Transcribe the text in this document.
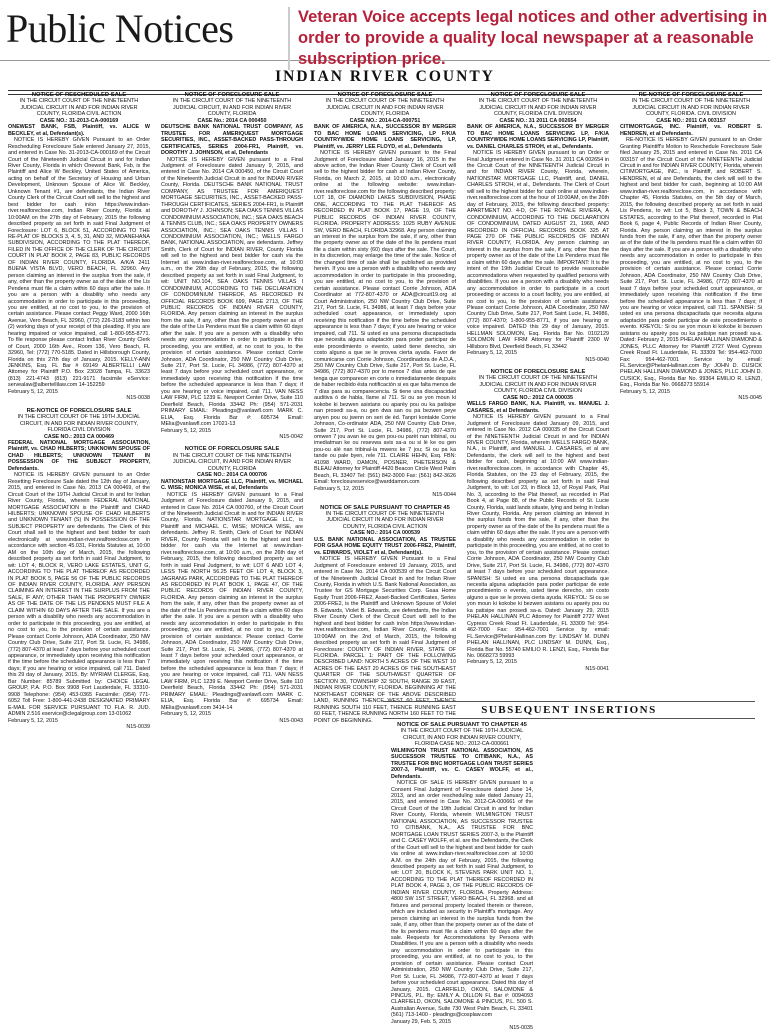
Public Notices	Veteran Voice accepts legal notices and other advertising in order to provide a quality local newspaper at a reasonable subscription price.
INDIAN RIVER COUNTY

NOTICE OF RESCHEDULED SALE

IN THE CIRCUIT COURT OF THE NINETEENTH JUDICIAL CIRCUIT IN AND FOR INDIAN RIVER COUNTY, FLORIDA CIVIL ACTION

CASE NO.: 31-2013-CA-000169

ONEWEST BANK, FSB, Plaintiff, vs. ALICE W BECKLEY, et al, Defendant(s).

NOTICE IS HEREBY GIVEN Pursuant to an Order Rescheduling Foreclosure Sale entered January 27, 2015, and entered in Case No. 31-2013-CA-000169 of the Circuit Court of the Nineteenth Judicial Circuit in and for Indian River County, Florida in which Onewest Bank, Fsb, is the Plaintiff and Alice W Beckley, United States of America, acting on behalf of the Secretary of Housing and Urban Development, Unknown Spouse of Alice W. Beckley, Unknown Tenant #1, are defendants, the Indian River County Clerk of the Circuit Court will sell to the highest and best bidder for cash in/on https://www.indian-river.realforeclose.com, Indian River County, Florida at 10:00AM on the 27th day of February, 2015 the following described property as set forth in said Final Judgment of Foreclosure: LOT 6, BLOCK 51, ACCORDING TO THE RE-PLAT OF BLOCKS 3, 4, 5, 31, AND 32, MOANEHANA SUBDIVISION, ACCORDING TO THE PLAT THEREOF, FILED IN THE OFFICE OF THE CLERK OF THE CIRCUIT COURT IN PLAT BOOK 2, PAGE 83, PUBLIC RECORDS OF INDIAN RIVER COUNTY, FLORIDA. A/K/A 2411 BUENA VISTA BLVD, VERO BEACH, FL 32960. Any person claiming an interest in the surplus from the sale, if any, other than the property owner as of the date of the Lis Pendens must file a claim within 60 days after the sale. If you are a person with a disability who needs any accommodation in order to participate in this proceeding, you are entitled, at no cost to you, to the provision of certain assistance. Please contact Peggy Ward, 2000 16th Avenue, Vero Beach, FL 32960, (772) 226-3183 within two (2) working days of your receipt of this pleading. If you are hearing impaired or voice impaired, call 1-800-955-8771. To file response please contact Indian River County Clerk of Court, 2000 16th Ave., Room 136, Vero Beach, FL 32960, Tel: (772) 770-5185. Dated in Hillsborough County, Florida on this 27th day of January, 2015. KELLY-ANN JENKINS, Esq. FL Bar # 69149 ALBERTELLI LAW Attorney for Plaintiff P.O. Box 23028 Tampa, FL 33623 (813) 221-4743 (813) 221-9171 facsimile eService: servealaw@albertellilaw.com 14-152259

February 5, 12, 2015

N15-0038

RE-NOTICE OF FORECLOSURE SALE

IN THE CIRCUIT COURT OF THE 19TH JUDICIAL CIRCUIT, IN AND FOR INDIAN RIVER COUNTY, FLORIDA CIVIL DIVISION

CASE NO.: 2013 CA 000469

FEDERAL NATIONAL MORTGAGE ASSOCIATION, Plaintiff, vs. CHAD HILBERTS; UNKNOWN SPOUSE OF CHAD HILBERTS; UNKNOWN TENANT IN POSSESSION OF THE SUBJECT PROPERTY, Defendants.

NOTICE IS HEREBY GIVEN pursuant to an Order Resetting Foreclosure Sale dated the 12th day of January, 2015, and entered in Case No. 2013 CA 000469, of the Circuit Court of the 19TH Judicial Circuit in and for Indian River County, Florida, wherein FEDERAL NATIONAL MORTGAGE ASSOCIATION is the Plaintiff and CHAD HILBERTS; UNKNOWN SPOUSE OF CHAD HILBERTS and UNKNOWN TENANT (S) IN POSSESSION OF THE SUBJECT PROPERTY are defendants. The Clerk of this Court shall sell to the highest and best bidder for cash electronically at www.indian-river.realforeclose.com in accordance with section 45.031, Florida Statutes at, 10:00 AM on the 10th day of March, 2015, the following described property as set forth in said Final Judgment, to wit: LOT 4, BLOCK R, VERO LAKE ESTATES, UNIT G, ACCORDING TO THE PLAT THEREOF AS RECORDED IN PLAT BOOK 5, PAGE 56 OF THE PUBLIC RECORDS OF INDIAN RIVER COUNTY, FLORIDA. ANY PERSON CLAIMING AN INTEREST IN THE SURPLUS FROM THE SALE, IF ANY, OTHER THAN THE PROPERTY OWNER AS OF THE DATE OF THE LIS PENDENS MUST FILE A CLAIM WITHIN 60 DAYS AFTER THE SALE. If you are a person with a disability who needs any accommodation in order to participate in this proceeding, you are entitled, at no cost to you, to the provision of certain assistance. Please contact Corrie Johnson, ADA Coordinator, 250 NW Country Club Drive, Suite 217, Port St. Lucie, FL 34986, (772) 807-4370 at least 7 days before your scheduled court appearance, or immediately upon receiving this notification if the time before the scheduled appearance is less than 7 days; if you are hearing or voice impaired, call 711. Dated this 29 day of January, 2015. By: MYRIAM CLERGE, Esq. Bar Number: 85789 Submitted by: CHOICE LEGAL GROUP, P.A. P.O. Box 9908 Fort Lauderdale, FL 33310-9908 Telephone: (954) 453-0365 Facsimile: (954) 771-6052 Toll Free: 1-800-441-2438 DESIGNATED PRIMARY E-MAIL FOR SERVICE PURSUANT TO FLA. R. JUD. ADMIN 2.516 eservice@clegalgroup.com 13-01062

February 5, 12, 2015

N15-0039

NOTICE OF FORECLOSURE SALE

IN THE CIRCUIT COURT OF THE NINETEENTH JUDICIAL CIRCUIT, IN AND FOR INDIAN RIVER COUNTY, FLORIDA

CASE No.: 2014 CA 000450

DEUTSCHE BANK NATIONAL TRUST COMPANY, AS TRUSTEE FOR AMERIQUEST MORTGAGE SECURITIES, INC., ASSET-BACKED PASS-THROUGH CERTIFICATES, SERIES 2004-FR1, Plaintiff, vs. DOROTHY J. JOHNSON, et al, Defendants

NOTICE IS HEREBY GIVEN pursuant to a Final Judgment of Foreclosure dated January 9, 2015, and entered in Case No. 2014 CA 000450, of the Circuit Court of the Nineteenth Judicial Circuit in and for INDIAN RIVER County, Florida. DEUTSCHE BANK NATIONAL TRUST COMPANY, AS TRUSTEE FOR AMERIQUEST MORTGAGE SECURITIES, INC., ASSET-BACKED PASS-THROUGH CERTIFICATES, SERIES 2004-FR1, is Plaintiff and DOROTHY J. JOHNSON; SEA OAKS TENNIS VILLAS CONDOMINIUM ASSOCIATION, INC.; SEA OAKS BEACH & TENNIS CLUB, INC.; SEA OAKS PROPERTY OWNERS ASSOCIATION, INC.; SEA OAKS TENNIS VILLAS I CONDOMINIUM ASSOCIATION, INC.; WELLS FARGO BANK, NATIONAL ASSOCIATION, are defendants. Jeffrey Smith, Clerk of Court for INDIAN RIVER, County Florida will sell to the highest and best bidder for cash via the Internet at www.indian-river.realforeclose.com, at 10:00 a.m., on the 26th day of February, 2015, the following described property as set forth in said Final Judgment, to wit: UNIT NO.104, SEA OAKS TENNIS VILLAS I CONDOMINIUM, ACCORDING TO THE DECLARATION OF CONDOMINIUM THEREOF, AS RECORDED IN OFFICIAL RECORDS BOOK 699, PAGE 2713, OF THE PUBLIC RECORDS OF INDIAN RIVER COUNTY, FLORIDA. Any person claiming an interest in the surplus from the sale, if any, other than the property owner as of the date of the Lis Pendens must file a claim within 60 days after the sale. If you are a person with a disability who needs any accommodation in order to participate in this proceeding, you are entitled, at no cost to you, to the provision of certain assistance. Please contact Corrie Johnson, ADA Coordinator, 250 NW Country Club Drive, Suite 217, Port St. Lucie, FL 34986, (772) 807-4370 at least 7 days before your scheduled court appearance, or immediately upon receiving this notification if the time before the scheduled appearance is less than 7 days; if you are hearing or voice impaired, call 711. VAN NESS LAW FIRM, PLC 1239 E. Newport Center Drive, Suite 110 Deerfield Beach, Florida 33442 Ph: (954) 571-2031 PRIMARY EMAIL: Pleadings@vanlawfl.com MARK C. ELIA, Esq. Florida Bar #: 695734 Email: MElia@vanlawfl.com 17021-13

February 5, 12, 2015

N15-0042

NOTICE OF FORECLOSURE SALE

IN THE CIRCUIT COURT OF THE NINETEENTH JUDICIAL CIRCUIT, IN AND FOR INDIAN RIVER COUNTY, FLORIDA

CASE NO.: 2014 CA 000706

NATIONSTAR MORTGAGE LLC, Plaintiff, vs. MICHAEL C. WISE; MONICA WISE, et al, Defendants

NOTICE IS HEREBY GIVEN pursuant to a Final Judgment of Foreclosure dated January 9, 2015, and entered in Case No. 2014 CA 000760, of the Circuit Court of the Nineteenth Judicial Circuit in and for INDIAN RIVER County, Florida. NATIONSTAR MORTGAGE LLC, is Plaintiff and MICHAEL C. WISE; MONICA WISE, are defendants. Jeffrey R. Smith, Clerk of Court for INDIAN RIVER, County Florida will sell to the highest and best bidder for cash via the Internet at www.indian-river.realforeclose.com, at 10:00 a.m., on the 26th day of February, 2015, the following described property as set forth in said Final Judgment, to wit: LOT 6 AND LOT 4, LESS THE NORTH 56.25 FEET OF LOT 4, BLOCK 3, JAGRANG PARK, ACCORDING TO THE PLAT THEREOF AS RECORDED IN PLAT BOOK 1, PAGE 47, OF THE PUBLIC RECORDS OF INDIAN RIVER COUNTY, FLORIDA. Any person claiming an interest in the surplus from the sale, if any, other than the property owner as of the date of the Lis Pendens must file a claim within 60 days after the sale. If you are a person with a disability who needs any accommodation in order to participate in this proceeding, you are entitled, at no cost to you, to the provision of certain assistance. Please contact Corrie Johnson, ADA Coordinator, 250 NW Country Club Drive, Suite 217, Port St. Lucie, FL 34986, (772) 807-4370 at least 7 days before your scheduled court appearance, or immediately upon receiving this notification if the time before the scheduled appearance is less than 7 days; if you are hearing or voice impaired, call 711. VAN NESS LAW FIRM, PLC 1239 E. Newport Center Drive, Suite 110 Deerfield Beach, Florida 33442 Ph: (954) 571-2031 PRIMARY EMAIL: Pleadings@vanlawfl.com MARK C. ELIA, Esq. Florida Bar #: 695734 Email: MElia@vanlawfl.com 3414-14

February 5, 12, 2015

N15-0043

NOTICE OF FORECLOSURE SALE

IN THE CIRCUIT COURT OF THE NINETEENTH JUDICIAL CIRCUIT IN AND FOR INDIAN RIVER COUNTY, FLORIDA

CASE NO.: 2014-CA-000751

BANK OF AMERICA, N.A., SUCCESSOR BY MERGER TO BAC HOME LOANS SERVICING, LP F/K/A COUNTRYWIDE HOME LOANS SERVICING, LP, Plaintiff, vs. JERRY LEE FLOYD, et al., Defendants

NOTICE IS HEREBY GIVEN pursuant to the Final Judgment of Foreclosure dated January 16, 2015 in the above action, the Indian River County Clerk of Court will sell to the highest bidder for cash at Indian River County, Florida, on March 2, 2015, at 10:00 a.m., electronically online at the following website: www.indian-river.realforeclose.com for the following described property: LOT 18, OF DIAMOND LAKES SUBDIVISION, PHASE ONE, ACCORDING TO THE PLAT THEREOF AS RECORDED IN PLAT BOOK 17, PAGE 19, OF THE PUBLIC RECORDS OF INDIAN RIVER COUNTY, FLORIDA. PROPERTY ADDRESS: 1025 RUBY AVENUE SW, VERO BEACH, FLORIDA 32968. Any person claiming an interest in the surplus from the sale, if any, other than the property owner as of the date of the lis pendens must file a claim within sixty (60) days after the sale. The Court, in its discretion, may enlarge the time of the sale. Notice of the changed time of sale shall be published as provided herein. If you are a person with a disability who needs any accommodation in order to participate in this proceeding, you are entitled, at no cost to you, to the provision of certain assistance. Please contact Corrie Johnson, ADA Coordinator at 772-807-4370 or ADA@circuit19.org at Court Administration, 250 NW Country Club Drive, Suite 217, Port St. Lucie, FL 34986, at least 7 days before your scheduled court appearance, or immediately upon receiving this notification if the time before the scheduled appearance is less than 7 days; if you are hearing or voice impaired, call 711. Si usted es una persona discapacitada que necesita alguna adaptación para poder participar de este procedimiento o evento, usted tiene derecho, sin costo alguno a que se le provea cierta ayuda. Favor de comunicarse con Corrie Johnson, Coordinadora de A.D.A., 250 NW Country Club Drive, Suite 217, Port St. Lucie, FL 34986, (772) 807-4370 por lo menos 7 días antes de que tenga que comparecer en corte o inmediatamente después de haber recibido ésta notificación si es que falta menos de 7 días para su comparecencia. Si tiene una discapacidad auditiva ó de habla, llame al 711. Si ou se yon moun ki kokobe ki bezwen asistans ou aparèy pou ou ka patisipe nan prosedi sa-a, ou gen dwa san ou pa bezwen peye anyen pou ou jwenn on seri de èd. Tanpri kontakte Corrie Johnson, Co-ordinator ADA, 250 NW Country Club Drive, Suite 217, Port St. Lucie, FL 34986, (772) 807-4370 omwen 7 jou avan ke ou gen pou-ou parèt nan tribinal, ou imediatman ke ou resevwa avis sa-a ou si lè ke ou gen pou-ou alé nan tribinal-la mwens ke 7 jou; Si ou pa ka tande ou pale byen, rele 711. CLAIRE HEHN, Esq. FBN: 41098 WARD, DAMON, POSNER, PHETERSON & BLEAU Attorney for Plaintiff 4420 Beacon Circle West Palm Beach, FL 33407 Tel: (561) 842-3000 Fax: (561) 842-3626 Email: foreclosureservice@warddamon.com

February 5, 12, 2015

N15-0044

NOTICE OF SALE PURSUANT TO CHAPTER 45

IN THE CIRCUIT COURT OF THE NINETEENTH JUDICIAL CIRCUIT IN AND FOR INDIAN RIVER COUNTY, FLORIDA CIVIL ACTION

CASE NO.: 2014 CA 000539

U.S. BANK NATIONAL ASSOCIATION, AS TRUSTEE FOR GSAA HOME EQUITY TRUST 2006-FRE2, Plaintiff, vs. EDWARDS, VIOLET et al, Defendant(s).

NOTICE IS HEREBY GIVEN Pursuant to a Final Judgment of Foreclosure entered 19 January, 2015, and entered in Case No. 2014 CA 000539 of the Circuit Court of the Nineteenth Judicial Circuit in and for Indian River County, Florida in which U.S. Bank National Association, as Trustee for GS Mortgage Securities Corp. Gsaa Home Equity Trust 2006-FRE2, Asset-Backed Certificates, Series 2006-FRE2, is the Plaintiff and Unknown Spouse of Violet B. Edwards, Violet B. Edwards, are defendants, the Indian River County Clerk of the Circuit Court will sell to the highest and best bidder for cash in/on https://www.indian-river.realforeclose.com, Indian River County, Florida at 10:00AM on the 2nd of March, 2015, the following described property as set forth in said Final Judgment of Foreclosure: COUNTY OF INDIAN RIVER, STATE OF FLORIDA. PARCEL 1: PART OF THE FOLLOWING DESCRIBED LAND: NORTH 5 ACRES OF THE WEST 10 ACRES OF THE EAST 20 ACRES OF THE SOUTHEAST QUARTER OF THE SOUTHWEST QUARTER OF SECTION 30, TOWNSHIP 32 SOUTH, RANGE 39 EAST, INDIAN RIVER COUNTY, FLORIDA. BEGINNING AT THE NORTHEAST CORNER OF THE ABOVE DESCRIBED LAND, RUNNING THENCE WEST 60 FEET, THENCE RUNNING SOUTH 110 FEET, THENCE RUNNING EAST 60 FEET, THENCE RUNNING NORTH 160 FEET TO THE POINT OF BEGINNING.

NOTICE OF FORECLOSURE SALE

IN THE CIRCUIT COURT OF THE NINETEENTH JUDICIAL CIRCUIT IN AND FOR INDIAN RIVER COUNTY, FLORIDA CIVIL DIVISION

CASE NO.: 31 2011 CA 002654

BANK OF AMERICA, N.A., SUCCESSOR BY MERGER TO BAC HOME LOANS SERVICING LP, F/K/A COUNTRYWIDE HOME LOANS SERVICING LP, Plaintiff, vs. DANIEL CHARLES STROH, et al., Defendants.

NOTICE IS HEREBY GIVEN pursuant to an Order or Final Judgment entered in Case No. 31 2011 CA 002654 in the Circuit Court of the NINETEENTH Judicial Circuit in and for INDIAN RIVER County, Florida, wherein, NATIONSTAR MORTGAGE LLC, Plaintiff, and, DANIEL CHARLES STROH, et al., Defendants. The Clerk of Court will sell to the highest bidder for cash online at www.indian-river.realforeclose.com at the hour of 10:00AM, on the 26th day of February, 2015, the following described property: APARTMENT NO. 4-D, OF THE ROYALE RIVIERA, A CONDOMINIUM, ACCORDING TO THE DECLARATION OF CONDOMINIUM, DATED AUGUST 21, 1968, AND RECORDED IN OFFICIAL RECORDS BOOK 325 AT PAGE 270 OF THE PUBLIC RECORDS OF INDIAN RIVER COUNTY, FLORIDA. Any person claiming an interest in the surplus from the sale, if any, other than the property owner as of the date of the Lis Pendens must file a claim within 60 days after the sale. IMPORTANT: It is the intent of the 19th Judicial Circuit to provide reasonable accommodations when requested by qualified persons with disabilities. If you are a person with a disability who needs any accommodation in order to participate in a court proceeding or access to a court facility, you are entitled, at no cost to you, to the provision of certain assistance. Please contact Corrie Johnson, ADA Coordinator, 250 NW Country Club Drive, Suite 217, Port Saint Lucie, FL 34986, (772) 807-4370; 1-800-955-8771, if you are hearing or voice impaired. DATED this 29 day of January, 2015. HELLMAN SOLOMON, Esq. Florida Bar No. 0102129 SOLOMON LAW FIRM Attorney for Plaintiff 2300 W Hillsboro Blvd, Deerfield Beach, FL 33442

February 5, 12, 2015

N15-0040

NOTICE OF FORECLOSURE SALE

IN THE CIRCUIT COURT OF THE NINETEENTH JUDICIAL CIRCUIT IN AND FOR INDIAN RIVER COUNTY, FLORIDA CIVIL DIVISION

CASE NO.: 2012 CA 000035

WELLS FARGO BANK, N.A. Plaintiff, vs. MANUEL J. CASARES, et al Defendants.

NOTICE IS HEREBY GIVEN pursuant to a Final Judgment of Foreclosure dated January 09, 2015, and entered in Case No. 2012 CA 000035 of the Circuit Court of the NINETEENTH Judicial Circuit in and for INDIAN RIVER COUNTY, Florida, wherein WELLS FARGO BANK, N.A., is Plaintiff, and MANUEL J. CASARES, et al are Defendants, the clerk will sell to the highest and best bidder for cash, beginning at 10:00 AM www.indian-river.realforeclose.com, in accordance with Chapter 45, Florida Statutes, on the 23 day of February, 2015, the following described property as set forth in said Final Judgment, to wit: Lot 23, in Block 13, of Royal Park, Plat No. 3, according to the Plat thereof, as recorded in Plat Book 4, at Page 88, of the Public Records of St. Lucie County, Florida, said lands situate, lying and being in Indian River County, Florida. Any person claiming an interest in the surplus funds from the sale, if any, other than the property owner as of the date of the lis pendens must file a claim within 60 days after the sale. If you are a person with a disability who needs any accommodation in order to participate in this proceeding, you are entitled, at no cost to you, to the provision of certain assistance. Please contact Corrie Johnson, ADA Coordinator, 250 NW Country Club Drive, Suite 217, Port St. Lucie, FL 34986, (772) 807-4370 at least 7 days before your scheduled court appearance. SPANISH: Si usted es una persona discapacitada que necesita alguna adaptación para poder participar de este procedimiento o evento, usted tiene derecho, sin costo alguno a que se le provea cierta ayuda. KREYOL: Si ou se yon moun ki kokobe ki bezwen asistans ou aparèy pou ou ka patisipe nan prosedi sa-a. Dated: January 29, 2015 PHELAN HALLINAN PLC Attorney for Plaintiff 2727 West Cypress Creek Road Ft. Lauderdale, FL 33309 Tel: 954-462-7000 Fax: 954-462-7001 Service by email: FL.Service@PhelanHallinan.com By: LINDSAY M. DUNN PHELAN HALLINAN, PLC LINDSAY M. DUNN, Esq., Florida Bar No. 55740 EMILIO R. LENZI, Esq., Florida Bar No. 0668273 59993

February 5, 12, 2015

N15-0041

RE-NOTICE OF FORECLOSURE SALE

IN THE CIRCUIT COURT OF THE NINETEENTH JUDICIAL CIRCUIT IN AND FOR INDIAN RIVER COUNTY, FLORIDA. CIVIL DIVISION

CASE NO.: 2011 CA 003157

CITIMORTGAGE, INC. Plaintiff, vs. ROBERT S. HENDREN, et al Defendants.

RE-NOTICE IS HEREBY GIVEN pursuant to an Order Granting Plaintiff's Motion to Reschedule Foreclosure Sale filed January 25, 2015 and entered in Case No. 2011 CA 003157 of the Circuit Court of the NINETEENTH Judicial Circuit in and for INDIAN RIVER COUNTY, Florida, wherein CITIMORTGAGE, INC., is Plaintiff, and ROBERT S. HENDREN, et al are Defendants, the clerk will sell to the highest and best bidder for cash, beginning at 10:00 AM www.indian-river.realforeclose.com, in accordance with Chapter 45, Florida Statutes, on the 5th day of March, 2015, the following described property as set forth in said Lis Pendens, to wit: Lot 5, Block 3, TOWN & BEACH ESTATES, according to the Plat thereof, recorded in Plat Book 6, page 4, Public Records of Indian River County, Florida. Any person claiming an interest in the surplus funds from the sale, if any, other than the property owner as of the date of the lis pendens must file a claim within 60 days after the sale. If you are a person with a disability who needs any accommodation in order to participate in this proceeding, you are entitled, at no cost to you, to the provision of certain assistance. Please contact Corrie Johnson, ADA Coordinator, 250 NW Country Club Drive, Suite 217, Port St. Lucie, FL 34986, (772) 807-4370 at least 7 days before your scheduled court appearance, or immediately upon receiving this notification if the time before the scheduled appearance is less than 7 days; if you are hearing or voice impaired, call 711. SPANISH: Si usted es una persona discapacitada que necesita alguna adaptación para poder participar de este procedimiento o evento. KREYOL: Si ou se yon moun ki kokobe ki bezwen asistans ou aparèy pou ou ka patisipe nan prosedi sa-a. Dated: February 2, 2015 PHELAN HALLINAN DIAMOND & JONES, PLLC Attorney for Plaintiff 2727 West Cypress Creek Road Ft. Lauderdale, FL 33309 Tel: 954-462-7000 Fax: 954-462-7001 Service by email: FL.Service@PhelanHallinan.com By: JOHN D. CUSICK PHELAN HALLINAN DIAMOND & JONES, PLLC JOHN D. CUSICK, Esq., Florida Bar No. 99364 EMILIO R. LENZI, Esq., Florida Bar No. 0668273 55914

February 5, 12, 2015

N15-0045

SUBSEQUENT INSERTIONS

NOTICE OF SALE PURSUANT TO CHAPTER 45

IN THE CIRCUIT COURT OF THE 19TH JUDICIAL CIRCUIT, IN AND FOR INDIAN RIVER COUNTY, FLORIDA CASE NO.: 2012-CA-000661

WILMINGTON TRUST NATIONAL ASSOCIATION, AS SUCCESSOR TRUSTEE TO CITIBANK, N.A., AS TRUSTEE FOR BNC MORTGAGE LOAN TRUST SERIES 2007-3, Plaintiff, vs. C. CASEY WOLFF, et al., Defendants.

NOTICE OF SALE IS HEREBY GIVEN pursuant to a Consent Final Judgment of Foreclosure dated June 14, 2013, and an order rescheduling sale dated January 21, 2015, and entered in Case No. 2012-CA-000661 of the Circuit Court of the 19th Judicial Circuit in and for Indian River County, Florida, wherein WILMINGTON TRUST NATIONAL ASSOCIATION, AS SUCCESSOR TRUSTEE TO CITIBANK, N.A., AS TRUSTEE FOR BNC MORTGAGE LOAN TRUST SERIES 2007-3, is the Plaintiff and C. CASEY WOLFF, et al. are the Defendants, the Clerk of the Court will sell to the highest and best bidder for cash via online at www.indian-river.realforeclose.com at 10:00 A.M. on the 24th day of February, 2015, the following described property as set forth in said Final Judgment, to wit: LOT 20, BLOCK K, STEVENS PARK UNIT NO. 1, ACCORDING TO THE PLAT THEREOF RECORDED IN PLAT BOOK 4, PAGE 3, OF THE PUBLIC RECORDS OF INDIAN RIVER COUNTY, FLORIDA. Property Address: 4800 SW 1ST STREET, VERO BEACH, FL 32968. and all fixtures and personal property located therein or thereon, which are included as security in Plaintiff's mortgage. Any person claiming an interest in the surplus funds from the sale, if any, other than the property owner as of the date of the lis pendens must file a claim within 60 days after the sale. Requests for Accommodations by Persons with Disabilities. If you are a person with a disability who needs any accommodation in order to participate in this proceeding, you are entitled, at no cost to you, to the provision of certain assistance. Please contact Court Administration, 250 NW Country Club Drive, Suite 217, Port St. Lucie, FL 34986, 772-807-4370 at least 7 days before your scheduled court appearance. Dated this day of January, 2015. CLARFIELD, OKON, SALOMONE & PINCUS, P.L. By: EMILY A. DILLON FL Bar #: 0094093 CLARFIELD, OKON, SALOMONE & PINCUS, P.L. 500 S. Australian Avenue, Suite 730 West Palm Beach, FL 33401 (561) 713-1400 - pleadings@cosplaw.com

January 29, Feb. 5, 2015

N15-0035
